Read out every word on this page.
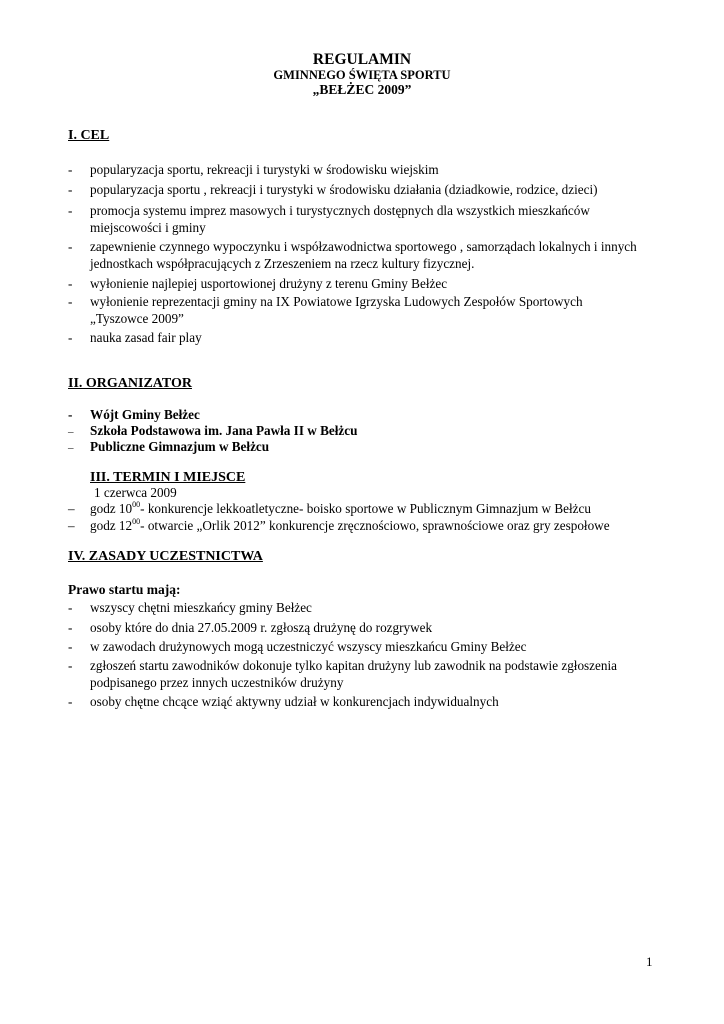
REGULAMIN
GMINNEGO ŚWIĘTA SPORTU
„BEŁŻEC 2009”
I. CEL
-	popularyzacja sportu, rekreacji i turystyki w środowisku wiejskim
-	popularyzacja sportu , rekreacji i turystyki w środowisku działania (dziadkowie, rodzice, dzieci)
-	promocja systemu imprez masowych i turystycznych dostępnych dla wszystkich mieszkańców
miejscowości i gminy
-	zapewnienie czynnego wypoczynku i współzawodnictwa sportowego , samorządach lokalnych i innych
jednostkach współpracujących z Zrzeszeniem na rzecz kultury fizycznej.
-	wyłonienie najlepiej usportowionej drużyny z terenu Gminy Bełżec
-	wyłonienie reprezentacji gminy na IX Powiatowe Igrzyska Ludowych Zespołów Sportowych
„Tyszowce 2009”
-	nauka zasad fair play
II. ORGANIZATOR
- Wójt Gminy Bełżec
– Szkoła Podstawowa im. Jana Pawła II w Bełżcu
– Publiczne Gimnazjum w Bełżcu
III. TERMIN I MIEJSCE
1 czerwca 2009
– godz $10^{00}-$ konkurencje lekkoatletyczne- boisko sportowe w Publicznym Gimnazjum w Bełżcu
– godz $12^{00}-$ otwarcie „Orlik 2012” konkurencje zręcznościowo, sprawnościowe oraz gry zespołowe
IV. ZASADY UCZESTNICTWA
Prawo startu mają:
-	wszyscy chętni mieszkańcy gminy Bełżec
-	osoby które do dnia 27.05.2009 r. zgłoszą drużynę do rozgrywek
-	w zawodach drużynowych mogą uczestniczyć wszyscy mieszkańcu Gminy Bełżec
-	zgłoszeń startu zawodników dokonuje tylko kapitan drużyny lub zawodnik na podstawie zgłoszenia
podpisanego przez innych uczestników drużyny
-	osoby chętne chcące wziąć aktywny udział w konkurencjach indywidualnych
1
